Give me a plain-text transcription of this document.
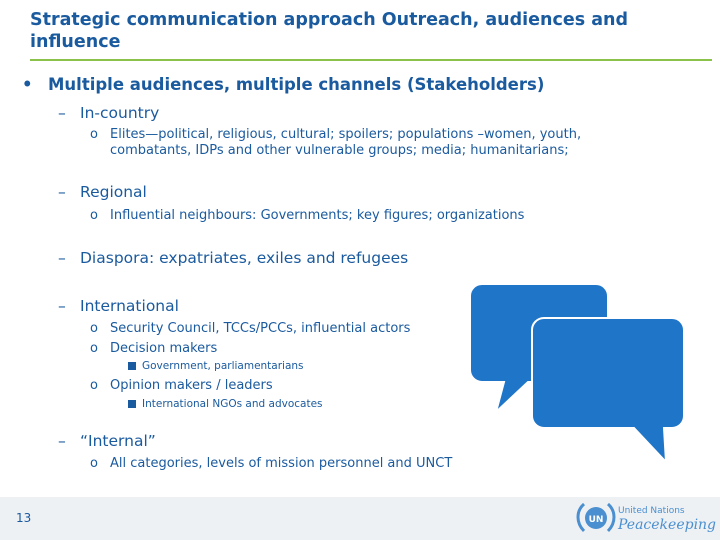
Strategic communication approach Outreach, audiences and influence
• Multiple audiences, multiple channels (Stakeholders)
– In-country
o Elites—political, religious, cultural; spoilers; populations –women, youth,
combatants, IDPs and other vulnerable groups; media; humanitarians;
– Regional
o Influential neighbours: Governments; key figures; organizations
– Diaspora: expatriates, exiles and refugees
– International
o Security Council, TCCs/PCCs, influential actors
o Decision makers
Government, parliamentarians
o Opinion makers / leaders
International NGOs and advocates
– “Internal”
o All categories, levels of mission personnel and UNCT
13	UN
United Nations
Peacekeeping
